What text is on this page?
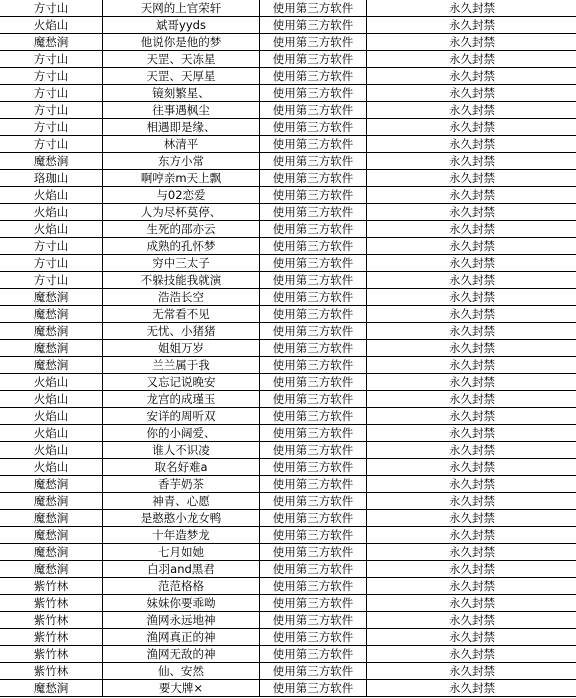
方寸山	天网的上官荣轩	使用第三方软件	永久封禁
火焰山	斌哥yyds	使用第三方软件	永久封禁
魔愁涧	他说你是他的梦	使用第三方软件	永久封禁
方寸山	天罡、天冻星	使用第三方软件	永久封禁
方寸山	天罡、天厚星	使用第三方软件	永久封禁
方寸山	镜刻繁星、	使用第三方软件	永久封禁
方寸山	往事遇枫尘	使用第三方软件	永久封禁
方寸山	相遇即是缘、	使用第三方软件	永久封禁
方寸山	林清平	使用第三方软件	永久封禁
魔愁涧	东方小常	使用第三方软件	永久封禁
珞珈山	啊哼亲m天上飘	使用第三方软件	永久封禁
火焰山	与02恋爱	使用第三方软件	永久封禁
火焰山	人为尽杯莫停、	使用第三方软件	永久封禁
火焰山	生死的邵亦云	使用第三方软件	永久封禁
方寸山	成熟的孔怀梦	使用第三方软件	永久封禁
方寸山	穷中三太子	使用第三方软件	永久封禁
方寸山	不躲技能我就演	使用第三方软件	永久封禁
魔愁涧	浩浩长空	使用第三方软件	永久封禁
魔愁涧	无常看不见	使用第三方软件	永久封禁
魔愁涧	无忧、小猪猪	使用第三方软件	永久封禁
魔愁涧	姐姐万岁	使用第三方软件	永久封禁
魔愁涧	兰兰属于我	使用第三方软件	永久封禁
火焰山	又忘记说晚安	使用第三方软件	永久封禁
火焰山	龙宫的成瑾玉	使用第三方软件	永久封禁
火焰山	安详的周听双	使用第三方软件	永久封禁
火焰山	你的小阔爱、	使用第三方软件	永久封禁
火焰山	谁人不识凌	使用第三方软件	永久封禁
火焰山	取名好难a	使用第三方软件	永久封禁
魔愁涧	香芋奶茶	使用第三方软件	永久封禁
魔愁涧	神青、心愿	使用第三方软件	永久封禁
魔愁涧	是憨憨小龙女鸭	使用第三方软件	永久封禁
魔愁涧	十年造梦龙	使用第三方软件	永久封禁
魔愁涧	七月如她	使用第三方软件	永久封禁
魔愁涧	白羽and黑君	使用第三方软件	永久封禁
紫竹林	范范格格	使用第三方软件	永久封禁
紫竹林	妹妹你要乖呦	使用第三方软件	永久封禁
紫竹林	渔网永远地神	使用第三方软件	永久封禁
紫竹林	渔网真正的神	使用第三方软件	永久封禁
紫竹林	渔网无敌的神	使用第三方软件	永久封禁
紫竹林	仙、安然	使用第三方软件	永久封禁
魔愁涧	要大牌×	使用第三方软件	永久封禁
